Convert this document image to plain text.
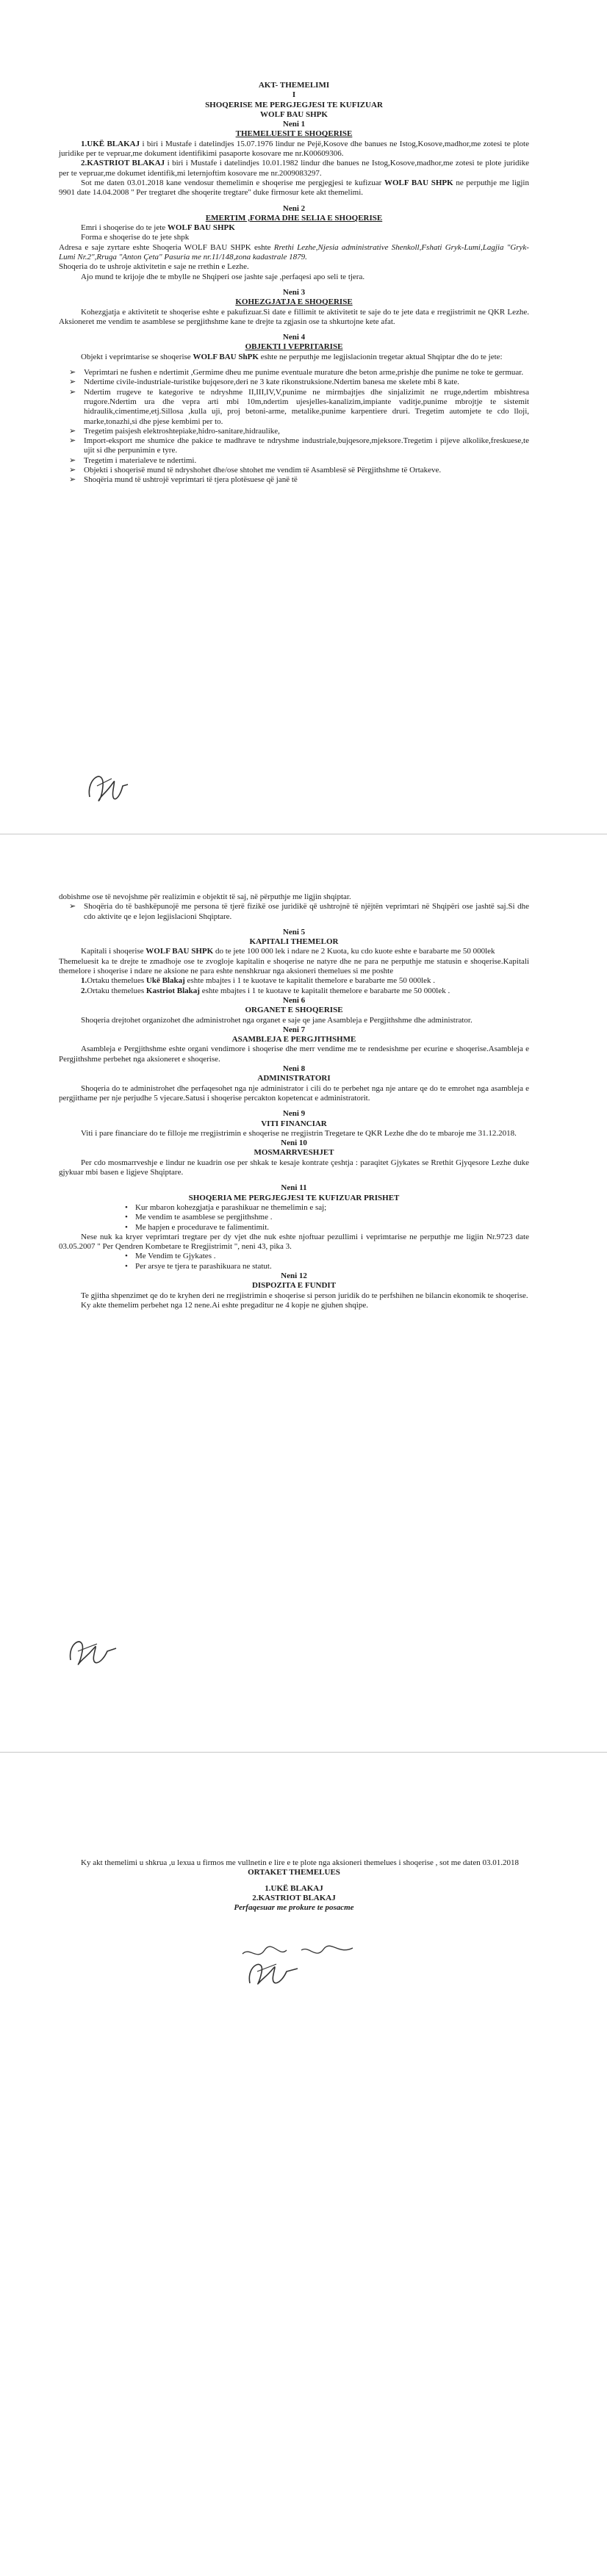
AKT- THEMELIMI

I

SHOQERISE ME PERGJEGJESI TE KUFIZUAR

WOLF BAU SHPK

Neni 1

THEMELUESIT E SHOQERISE

1.UKË BLAKAJ i biri i Mustafe i datelindjes 15.07.1976 lindur ne Pejë,Kosove dhe banues ne Istog,Kosove,madhor,me zotesi te plote juridike per te vepruar,me dokument identifikimi pasaporte kosovare me nr.K00609306.

2.KASTRIOT BLAKAJ i biri i Mustafe i datelindjes 10.01.1982 lindur dhe banues ne Istog,Kosove,madhor,me zotesi te plote juridike per te vepruar,me dokumet identifik,mi leternjoftim kosovare me nr.2009083297.

Sot me daten 03.01.2018 kane vendosur themelimin e shoqerise me pergjegjesi te kufizuar WOLF BAU SHPK ne perputhje me ligjin 9901 date 14.04.2008 " Per tregtaret dhe shoqerite tregtare" duke firmosur kete akt themelimi.

Neni 2

EMERTIM ,FORMA DHE SELIA E SHOQERISE

Emri i shoqerise do te jete WOLF BAU SHPK

Forma e shoqerise do te jete shpk

Adresa e saje zyrtare eshte Shoqeria WOLF BAU SHPK eshte Rrethi Lezhe,Njesia administrative Shenkoll,Fshati Gryk-Lumi,Lagjia "Gryk-Lumi Nr.2",Rruga "Anton Çeta" Pasuria me nr.11/148,zona kadastrale 1879.

Shoqeria do te ushroje aktivitetin e saje ne rrethin e Lezhe.

Ajo mund te krijoje dhe te mbylle ne Shqiperi ose jashte saje ,perfaqesi apo seli te tjera.

Neni 3

KOHEZGJATJA E SHOQERISE

Kohezgjatja e aktivitetit te shoqerise eshte e pakufizuar.Si date e fillimit te aktivitetit te saje do te jete data e rregjistrimit ne QKR Lezhe. Aksioneret me vendim te asamblese se pergjithshme kane te drejte ta zgjasin ose ta shkurtojne kete afat.

Neni 4

OBJEKTI I VEPRITARISE

Objekt i veprimtarise se shoqerise WOLF BAU ShPK eshte ne perputhje me legjislacionin tregetar aktual Shqiptar dhe do te jete:

➢ Veprimtari ne fushen e ndertimit ,Germime dheu me punime eventuale murature dhe beton arme,prishje dhe punime ne toke te germuar.
➢ Ndertime civile-industriale-turistike bujqesore,deri ne 3 kate rikonstruksione.Ndertim banesa me skelete mbi 8 kate.
➢ Ndertim rrugeve te kategorive te ndryshme II,III,IV,V,punime ne mirmbajtjes dhe sinjalizimit ne rruge,ndertim mbishtresa rrugore.Ndertim ura dhe vepra arti mbi 10m,ndertim ujesjelles-kanalizim,impiante vaditje,punime mbrojtje te sistemit hidraulik,cimentime,etj.Sillosa ,kulla uji, proj betoni-arme, metalike,punime karpentiere druri. Tregetim automjete te cdo lloji, marke,tonazhi,si dhe pjese kembimi per to.
➢ Tregetim paisjesh elektroshtepiake,hidro-sanitare,hidraulike,
➢ Import-eksport me shumice dhe pakice te madhrave te ndryshme industriale,bujqesore,mjeksore.Tregetim i pijeve alkolike,freskuese,te ujit si dhe perpunimin e tyre.
➢ Tregetim i materialeve te ndertimi.
➢ Objekti i shoqerisë mund të ndryshohet dhe/ose shtohet me vendim të Asamblesë së Përgjithshme të Ortakeve.
➢ Shoqëria mund të ushtrojë veprimtari të tjera plotësuese që janë të

dobishme ose të nevojshme për realizimin e objektit të saj, në përputhje me ligjin shqiptar.

➢ Shoqëria do të bashkëpunojë me persona të tjerë fizikë ose juridikë qē ushtrojnë të njëjtën veprimtari në Shqipëri ose jashtë saj.Si dhe cdo aktivite qe e lejon legjislacioni Shqiptare.

Neni 5

KAPITALI THEMELOR

Kapitali i shoqerise WOLF BAU SHPK do te jete 100 000 lek i ndare ne 2 Kuota, ku cdo kuote eshte e barabarte me 50 000lek

Themeluesit ka te drejte te zmadhoje ose te zvogloje kapitalin e shoqerise ne natyre dhe ne para ne perputhje me statusin e shoqerise.Kapitali themelore i shoqerise i ndare ne aksione ne para eshte nenshkruar nga aksioneri themelues si me poshte

1.Ortaku themelues Ukë Blakaj eshte mbajtes i 1 te kuotave te kapitalit themelore e barabarte me 50 000lek .

2.Ortaku themelues Kastriot Blakaj eshte mbajtes i 1 te kuotave te kapitalit themelore e barabarte me 50 000lek .

Neni 6

ORGANET E SHOQERISE

Shoqeria drejtohet organizohet dhe administrohet nga organet e saje qe jane Asambleja e Pergjithshme dhe administrator.

Neni 7

ASAMBLEJA E PERGJITHSHME

Asambleja e Pergjithshme eshte organi vendimore i shoqerise dhe merr vendime me te rendesishme per ecurine e shoqerise.Asambleja e Pergjithshme perbehet nga aksioneret e shoqerise.

Neni 8

ADMINISTRATORI

Shoqeria do te administrohet dhe perfaqesohet nga nje administrator i cili do te perbehet nga nje antare qe do te emrohet nga asambleja e pergjithame per nje perjudhe 5 vjecare.Satusi i shoqerise percakton kopetencat e administratorit.

Neni 9

VITI FINANCIAR

Viti i pare financiare do te filloje me rregjistrimin e shoqerise ne rregjistrin Tregetare te QKR Lezhe dhe do te mbaroje me 31.12.2018.

Neni 10

MOSMARRVESHJET

Per cdo mosmarrveshje e lindur ne kuadrin ose per shkak te kesaje kontrate çeshtja : paraqitet Gjykates se Rrethit Gjyqesore Lezhe duke gjykuar mbi basen e ligjeve Shqiptare.

Neni 11

SHOQERIA ME PERGJEGJESI TE KUFIZUAR PRISHET

• Kur mbaron kohezgjatja e parashikuar ne themelimin e saj;
• Me vendim te asamblese se pergjithshme .
• Me hapjen e procedurave te falimentimit.

Nese nuk ka kryer veprimtari tregtare per dy vjet dhe nuk eshte njoftuar pezullimi i veprimtarise ne perputhje me ligjin Nr.9723 date 03.05.2007 " Per Qendren Kombetare te Rregjistrimit ", neni 43, pika 3.

• Me Vendim te Gjykates .
• Per arsye te tjera te parashikuara ne statut.

Neni 12

DISPOZITA E FUNDIT

Te gjitha shpenzimet qe do te kryhen deri ne rregjistrimin e shoqerise si person juridik do te perfshihen ne bilancin ekonomik te shoqerise.

Ky akte themelim perbehet nga 12 nene.Ai eshte pregaditur ne 4 kopje ne gjuhen shqipe.

Ky akt themelimi u shkrua ,u lexua u firmos me vullnetin e lire e te plote nga aksioneri themelues i shoqerise , sot me daten 03.01.2018

ORTAKET THEMELUES

1.UKË BLAKAJ

2.KASTRIOT BLAKAJ

Perfaqesuar me prokure te posacme
